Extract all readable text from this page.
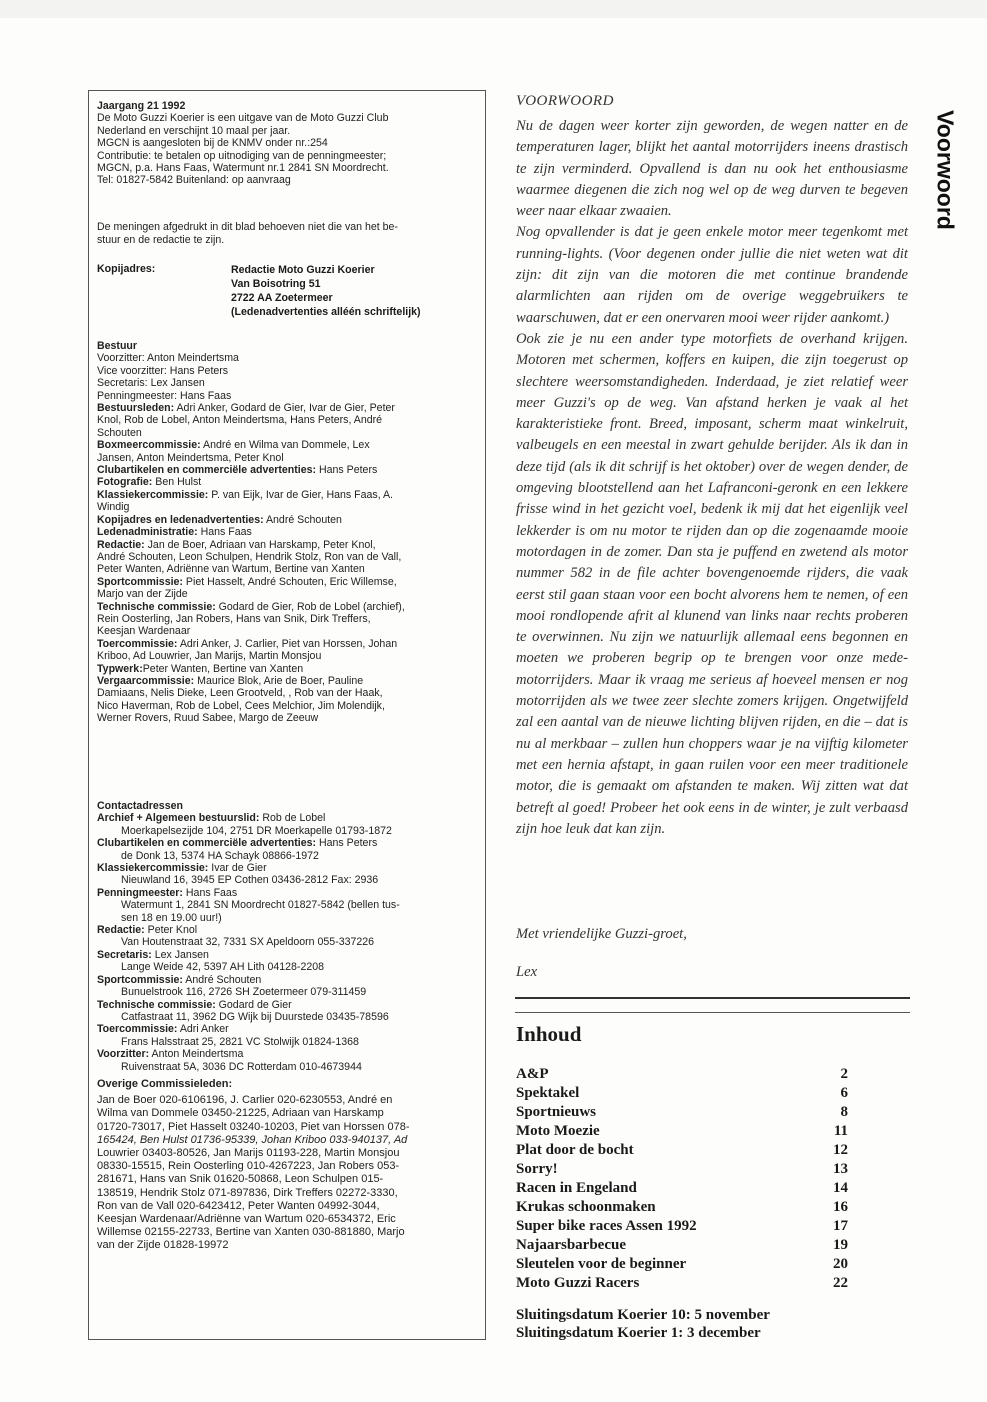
Voorwoord

Jaargang 21 1992

De Moto Guzzi Koerier is een uitgave van de Moto Guzzi Club

Nederland en verschijnt 10 maal per jaar.

MGCN is aangesloten bij de KNMV onder nr.:254

Contributie: te betalen op uitnodiging van de penningmeester;

MGCN, p.a. Hans Faas, Watermunt nr.1 2841 SN Moordrecht.

Tel: 01827-5842 Buitenland: op aanvraag

De meningen afgedrukt in dit blad behoeven niet die van het be-

stuur en de redactie te zijn.

Kopijadres:	Redactie Moto Guzzi Koerier

Van Boisotring 51

2722 AA Zoetermeer

(Ledenadvertenties alléén schriftelijk)

Bestuur

Voorzitter: Anton Meindertsma

Vice voorzitter: Hans Peters

Secretaris: Lex Jansen

Penningmeester: Hans Faas

Bestuursleden: Adri Anker, Godard de Gier, Ivar de Gier, Peter

Knol, Rob de Lobel, Anton Meindertsma, Hans Peters, André

Schouten

Boxmeercommissie: André en Wilma van Dommele, Lex

Jansen, Anton Meindertsma, Peter Knol

Clubartikelen en commerciële advertenties: Hans Peters

Fotografie: Ben Hulst

Klassiekercommissie: P. van Eijk, Ivar de Gier, Hans Faas, A.

Windig

Kopijadres en ledenadvertenties: André Schouten

Ledenadministratie: Hans Faas

Redactie: Jan de Boer, Adriaan van Harskamp, Peter Knol,

André Schouten, Leon Schulpen, Hendrik Stolz, Ron van de Vall,

Peter Wanten, Adriënne van Wartum, Bertine van Xanten

Sportcommissie: Piet Hasselt, André Schouten, Eric Willemse,

Marjo van der Zijde

Technische commissie: Godard de Gier, Rob de Lobel (archief),

Rein Oosterling, Jan Robers, Hans van Snik, Dirk Treffers,

Keesjan Wardenaar

Toercommissie: Adri Anker, J. Carlier, Piet van Horssen, Johan

Kriboo, Ad Louwrier, Jan Marijs, Martin Monsjou

Typwerk:Peter Wanten, Bertine van Xanten

Vergaarcommissie: Maurice Blok, Arie de Boer, Pauline

Damiaans, Nelis Dieke, Leen Grootveld, , Rob van der Haak,

Nico Haverman, Rob de Lobel, Cees Melchior, Jim Molendijk,

Werner Rovers, Ruud Sabee, Margo de Zeeuw

Contactadressen

Archief + Algemeen bestuurslid: Rob de Lobel

Moerkapelsezijde 104, 2751 DR Moerkapelle 01793-1872

Clubartikelen en commerciële advertenties: Hans Peters

de Donk 13, 5374 HA Schayk 08866-1972

Klassiekercommissie: Ivar de Gier

Nieuwland 16, 3945 EP Cothen 03436-2812 Fax: 2936

Penningmeester: Hans Faas

Watermunt 1, 2841 SN Moordrecht 01827-5842 (bellen tus-

sen 18 en 19.00 uur!)

Redactie: Peter Knol

Van Houtenstraat 32, 7331 SX Apeldoorn 055-337226

Secretaris: Lex Jansen

Lange Weide 42, 5397 AH Lith 04128-2208

Sportcommissie: André Schouten

Bunuelstrook 116, 2726 SH Zoetermeer 079-311459

Technische commissie: Godard de Gier

Catfastraat 11, 3962 DG Wijk bij Duurstede 03435-78596

Toercommissie: Adri Anker

Frans Halsstraat 25, 2821 VC Stolwijk 01824-1368

Voorzitter: Anton Meindertsma

Ruivenstraat 5A, 3036 DC Rotterdam 010-4673944

Overige Commissieleden:

Jan de Boer 020-6106196, J. Carlier 020-6230553, André en

Wilma van Dommele 03450-21225, Adriaan van Harskamp

01720-73017, Piet Hasselt 03240-10203, Piet van Horssen 078-

165424, Ben Hulst 01736-95339, Johan Kriboo 033-940137, Ad

Louwrier 03403-80526, Jan Marijs 01193-228, Martin Monsjou

08330-15515, Rein Oosterling 010-4267223, Jan Robers 053-

281671, Hans van Snik 01620-50868, Leon Schulpen 015-

138519, Hendrik Stolz 071-897836, Dirk Treffers 02272-3330,

Ron van de Vall 020-6423412, Peter Wanten 04992-3044,

Keesjan Wardenaar/Adriënne van Wartum 020-6534372, Eric

Willemse 02155-22733, Bertine van Xanten 030-881880, Marjo

van der Zijde 01828-19972

VOORWOORD

Nu de dagen weer korter zijn geworden, de wegen natter en de temperaturen lager, blijkt het aantal motorrijders ineens drastisch te zijn verminderd. Opvallend is dan nu ook het enthousiasme waarmee diegenen die zich nog wel op de weg durven te begeven weer naar elkaar zwaaien.

Nog opvallender is dat je geen enkele motor meer tegenkomt met running-lights. (Voor degenen onder jullie die niet weten wat dit zijn: dit zijn van die motoren die met continue brandende alarmlichten aan rijden om de overige weggebruikers te waarschuwen, dat er een onervaren mooi weer rijder aankomt.)

Ook zie je nu een ander type motorfiets de overhand krijgen. Motoren met schermen, koffers en kuipen, die zijn toegerust op slechtere weersomstandigheden. Inderdaad, je ziet relatief weer meer Guzzi's op de weg. Van afstand herken je vaak al het karakteristieke front. Breed, imposant, scherm maat winkelruit, valbeugels en een meestal in zwart gehulde berijder. Als ik dan in deze tijd (als ik dit schrijf is het oktober) over de wegen dender, de omgeving blootstellend aan het Lafranconi-geronk en een lekkere frisse wind in het gezicht voel, bedenk ik mij dat het eigenlijk veel lekkerder is om nu motor te rijden dan op die zogenaamde mooie motordagen in de zomer. Dan sta je puffend en zwetend als motor nummer 582 in de file achter bovengenoemde rijders, die vaak eerst stil gaan staan voor een bocht alvorens hem te nemen, of een mooi rondlopende afrit al klunend van links naar rechts proberen te overwinnen. Nu zijn we natuurlijk allemaal eens begonnen en moeten we proberen begrip op te brengen voor onze mede-motorrijders. Maar ik vraag me serieus af hoeveel mensen er nog motorrijden als we twee zeer slechte zomers krijgen. Ongetwijfeld zal een aantal van de nieuwe lichting blijven rijden, en die – dat is nu al merkbaar – zullen hun choppers waar je na vijftig kilometer met een hernia afstapt, in gaan ruilen voor een meer traditionele motor, die is gemaakt om afstanden te maken. Wij zitten wat dat betreft al goed! Probeer het ook eens in de winter, je zult verbaasd zijn hoe leuk dat kan zijn.

Met vriendelijke Guzzi-groet,
Lex
Inhoud
A&P	2
Spektakel	6
Sportnieuws	8
Moto Moezie	11
Plat door de bocht	12
Sorry!	13
Racen in Engeland	14
Krukas schoonmaken	16
Super bike races Assen 1992	17
Najaarsbarbecue	19
Sleutelen voor de beginner	20
Moto Guzzi Racers	22

Sluitingsdatum Koerier 10: 5 november

Sluitingsdatum Koerier 1: 3 december
